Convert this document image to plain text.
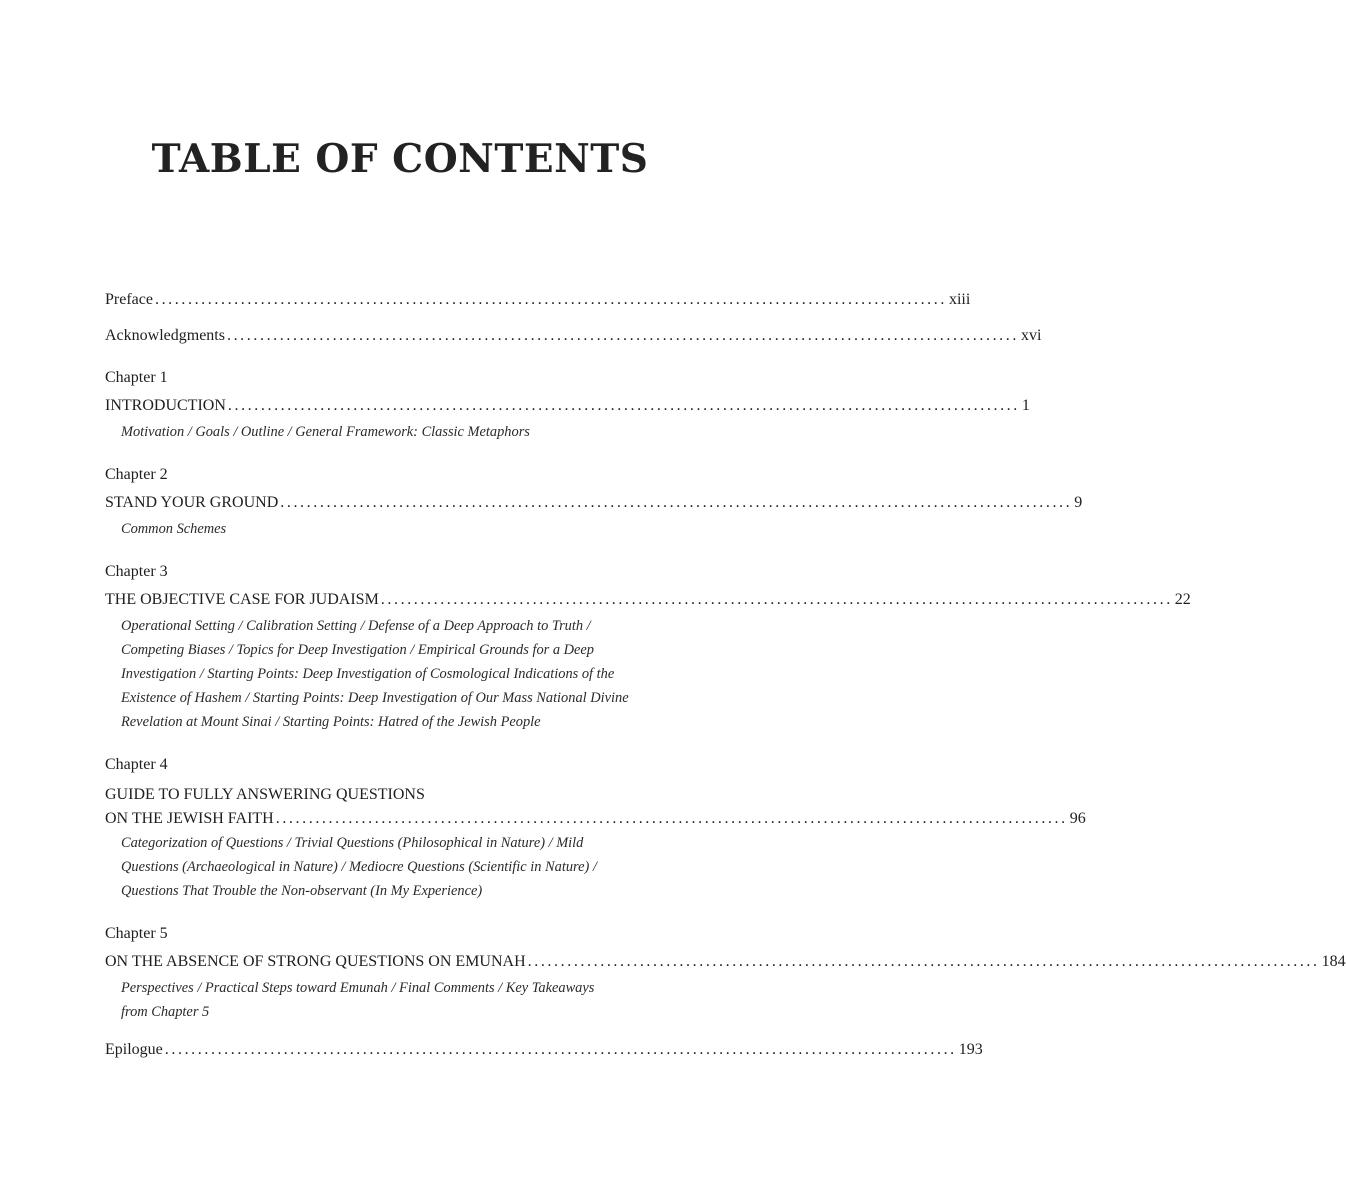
TABLE OF CONTENTS
Preface ........................................................................................................................ xiii
Acknowledgments ........................................................................................................................ xvi
Chapter 1
INTRODUCTION ........................................................................................................................ 1
Motivation / Goals / Outline / General Framework: Classic Metaphors
Chapter 2
STAND YOUR GROUND ........................................................................................................................ 9
Common Schemes
Chapter 3
THE OBJECTIVE CASE FOR JUDAISM ........................................................................................................................ 22
Operational Setting / Calibration Setting / Defense of a Deep Approach to Truth /
Competing Biases / Topics for Deep Investigation / Empirical Grounds for a Deep
Investigation / Starting Points: Deep Investigation of Cosmological Indications of the
Existence of Hashem / Starting Points: Deep Investigation of Our Mass National Divine
Revelation at Mount Sinai / Starting Points: Hatred of the Jewish People
Chapter 4
GUIDE TO FULLY ANSWERING QUESTIONS
ON THE JEWISH FAITH ........................................................................................................................ 96
Categorization of Questions / Trivial Questions (Philosophical in Nature) / Mild
Questions (Archaeological in Nature) / Mediocre Questions (Scientific in Nature) /
Questions That Trouble the Non-observant (In My Experience)
Chapter 5
ON THE ABSENCE OF STRONG QUESTIONS ON EMUNAH ........................................................................................................................ 184
Perspectives / Practical Steps toward Emunah / Final Comments / Key Takeaways
from Chapter 5
Epilogue ........................................................................................................................ 193
